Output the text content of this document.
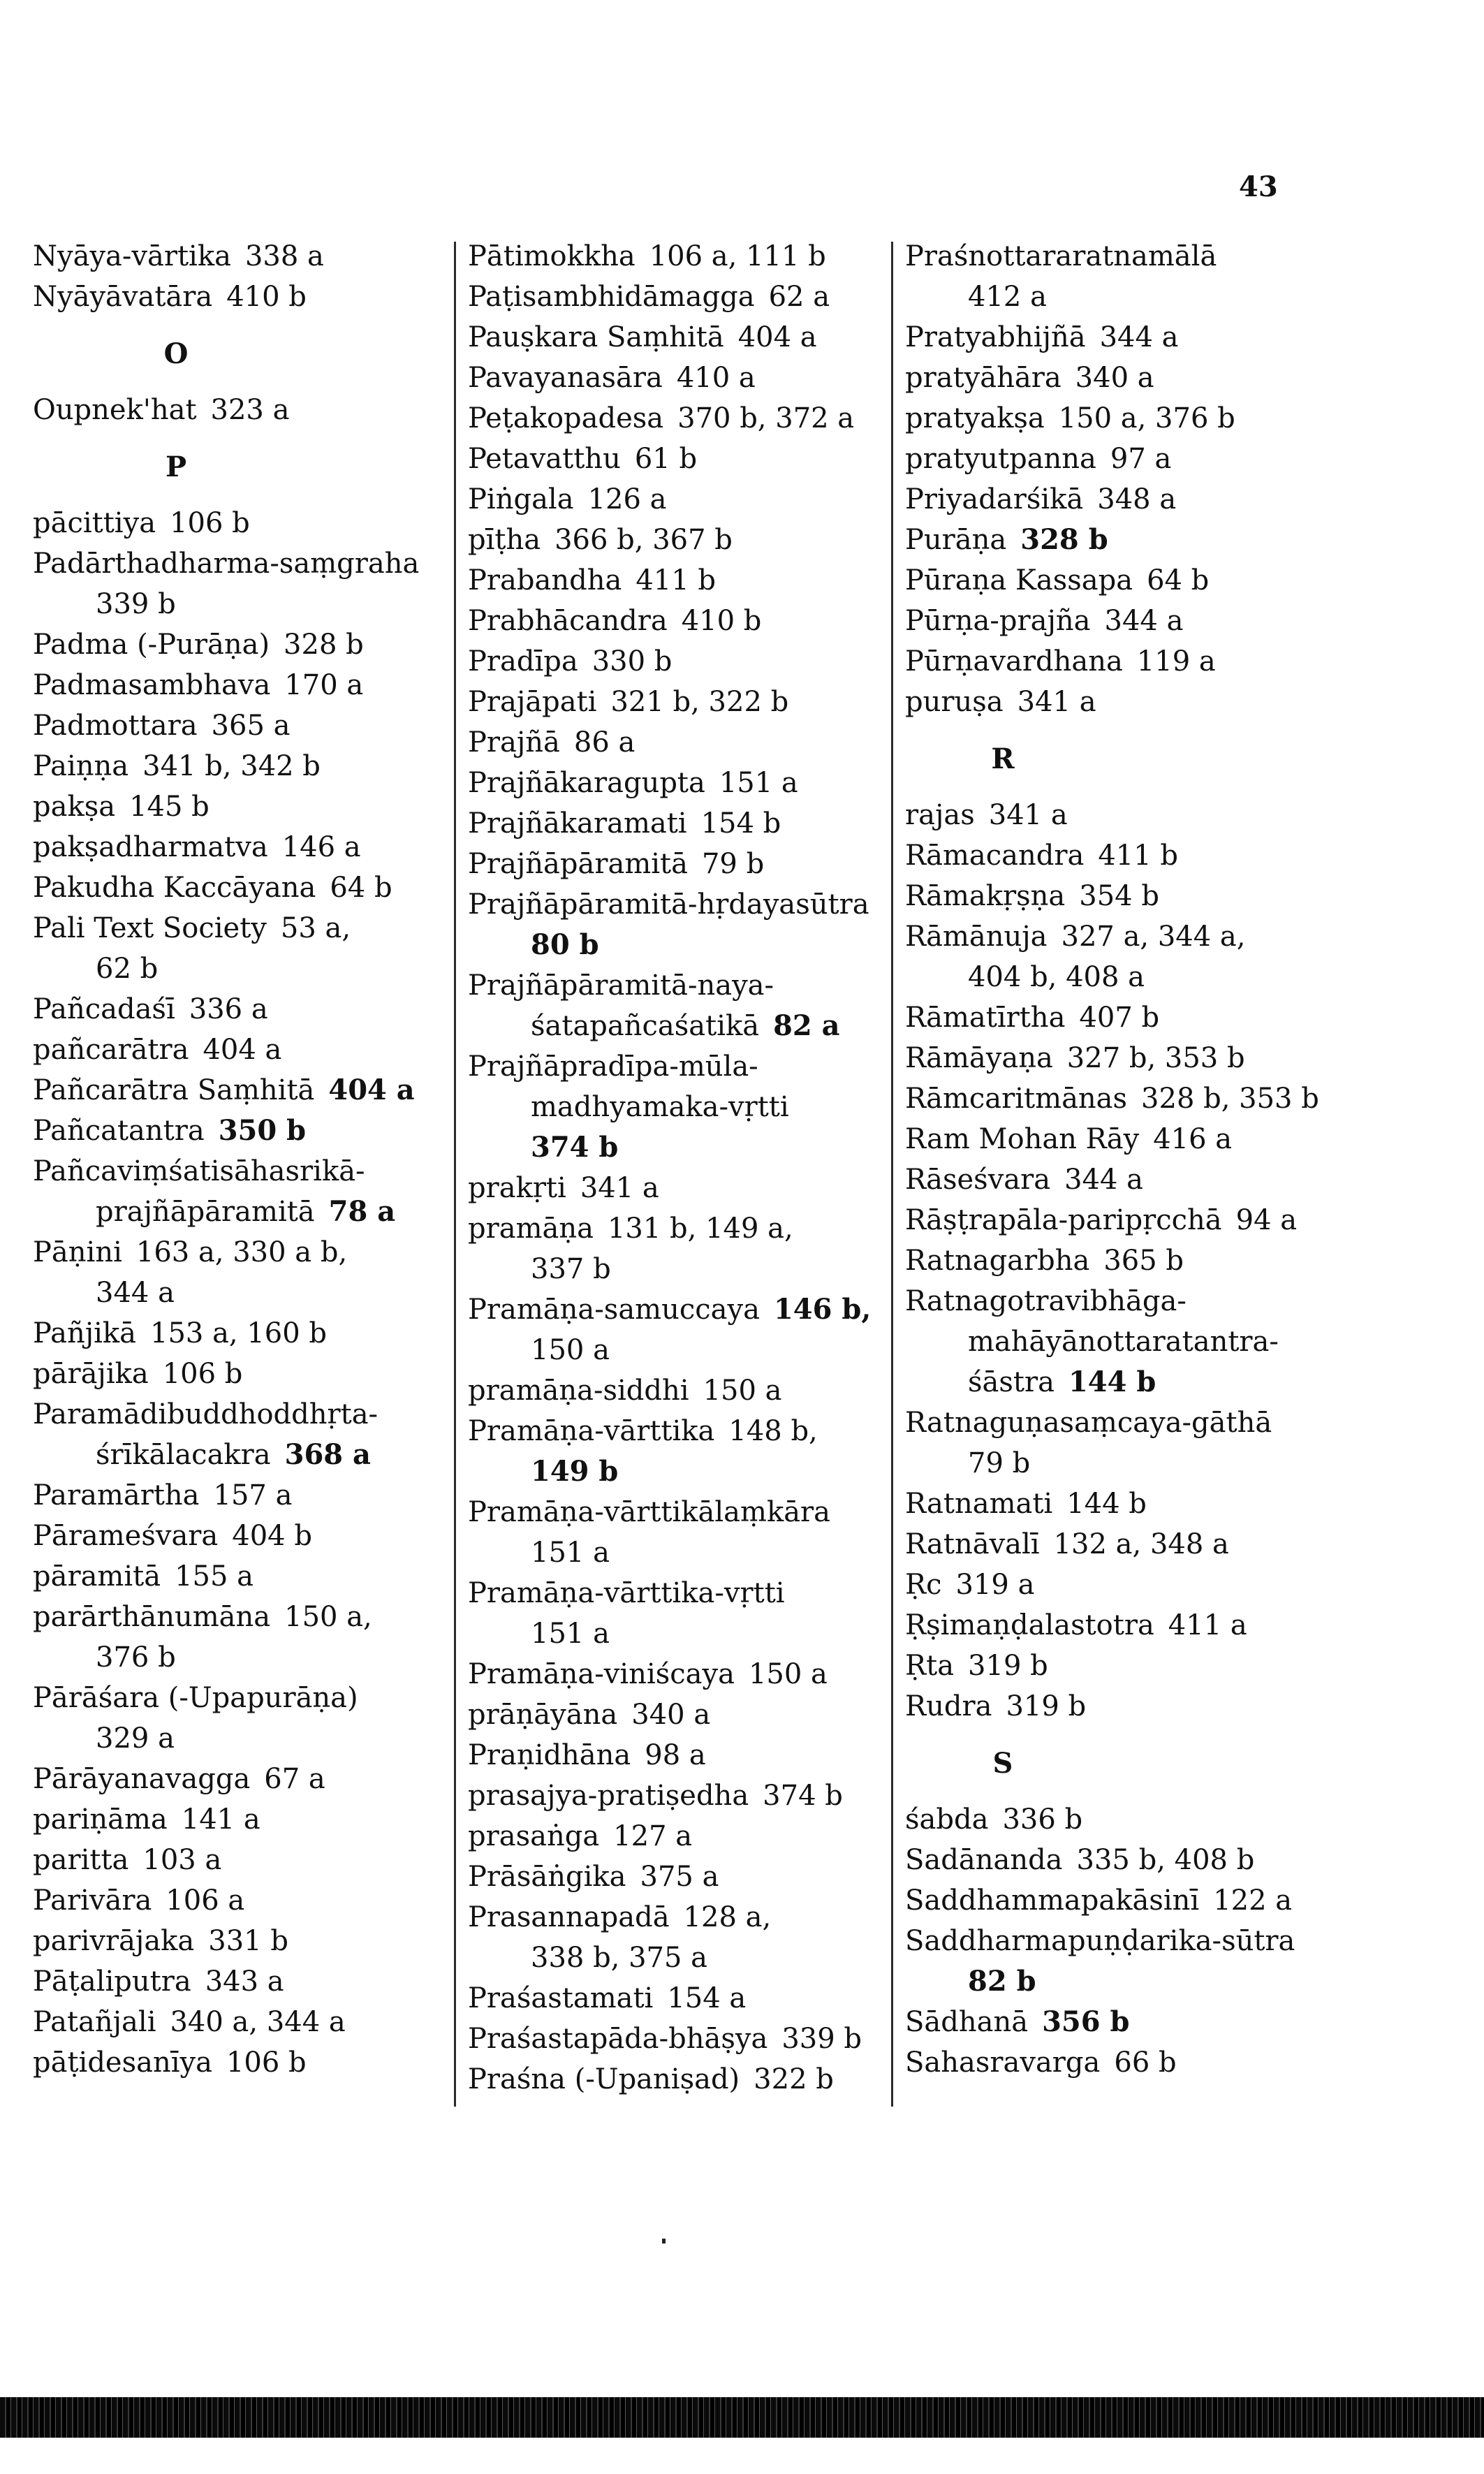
43
Nyāya-vārtika 338 a
Nyāyāvatāra 410 b
O
Oupnek'hat 323 a
P
pācittiya 106 b
Padārthadharma-saṃgraha
339 b
Padma (-Purāṇa) 328 b
Padmasambhava 170 a
Padmottara 365 a
Paiṇṇa 341 b, 342 b
pakṣa 145 b
pakṣadharmatva 146 a
Pakudha Kaccāyana 64 b
Pali Text Society 53 a,
62 b
Pañcadaśī 336 a
pañcarātra 404 a
Pañcarātra Saṃhitā 404 a
Pañcatantra 350 b
Pañcaviṃśatisāhasrikā-
prajñāpāramitā 78 a
Pāṇini 163 a, 330 a b,
344 a
Pañjikā 153 a, 160 b
pārājika 106 b
Paramādibuddhoddhṛta-
śrīkālacakra 368 a
Paramārtha 157 a
Pārameśvara 404 b
pāramitā 155 a
parārthānumāna 150 a,
376 b
Pārāśara (-Upapurāṇa)
329 a
Pārāyanavagga 67 a
pariṇāma 141 a
paritta 103 a
Parivāra 106 a
parivrājaka 331 b
Pāṭaliputra 343 a
Patañjali 340 a, 344 a
pāṭidesanīya 106 b
Pātimokkha 106 a, 111 b
Paṭisambhidāmagga 62 a
Pauṣkara Saṃhitā 404 a
Pavayanasāra 410 a
Peṭakopadesa 370 b, 372 a
Petavatthu 61 b
Piṅgala 126 a
pīṭha 366 b, 367 b
Prabandha 411 b
Prabhācandra 410 b
Pradīpa 330 b
Prajāpati 321 b, 322 b
Prajñā 86 a
Prajñākaragupta 151 a
Prajñākaramati 154 b
Prajñāpāramitā 79 b
Prajñāpāramitā-hṛdayasūtra
80 b
Prajñāpāramitā-naya-
śatapañcaśatikā 82 a
Prajñāpradīpa-mūla-
madhyamaka-vṛtti
374 b
prakṛti 341 a
pramāṇa 131 b, 149 a,
337 b
Pramāṇa-samuccaya 146 b,
150 a
pramāṇa-siddhi 150 a
Pramāṇa-vārttika 148 b,
149 b
Pramāṇa-vārttikālaṃkāra
151 a
Pramāṇa-vārttika-vṛtti
151 a
Pramāṇa-viniścaya 150 a
prāṇāyāna 340 a
Praṇidhāna 98 a
prasajya-pratiṣedha 374 b
prasaṅga 127 a
Prāsāṅgika 375 a
Prasannapadā 128 a,
338 b, 375 a
Praśastamati 154 a
Praśastapāda-bhāṣya 339 b
Praśna (-Upaniṣad) 322 b
Praśnottararatnamālā
412 a
Pratyabhijñā 344 a
pratyāhāra 340 a
pratyakṣa 150 a, 376 b
pratyutpanna 97 a
Priyadarśikā 348 a
Purāṇa 328 b
Pūraṇa Kassapa 64 b
Pūrṇa-prajña 344 a
Pūrṇavardhana 119 a
puruṣa 341 a
R
rajas 341 a
Rāmacandra 411 b
Rāmakṛṣṇa 354 b
Rāmānuja 327 a, 344 a,
404 b, 408 a
Rāmatīrtha 407 b
Rāmāyaṇa 327 b, 353 b
Rāmcaritmānas 328 b, 353 b
Ram Mohan Rāy 416 a
Rāseśvara 344 a
Rāṣṭrapāla-paripṛcchā 94 a
Ratnagarbha 365 b
Ratnagotravibhāga-
mahāyānottaratantra-
śāstra 144 b
Ratnaguṇasaṃcaya-gāthā
79 b
Ratnamati 144 b
Ratnāvalī 132 a, 348 a
Ṛc 319 a
Ṛṣimaṇḍalastotra 411 a
Ṛta 319 b
Rudra 319 b
S
śabda 336 b
Sadānanda 335 b, 408 b
Saddhammapakāsinī 122 a
Saddharmapuṇḍarika-sūtra
82 b
Sādhanā 356 b
Sahasravarga 66 b
